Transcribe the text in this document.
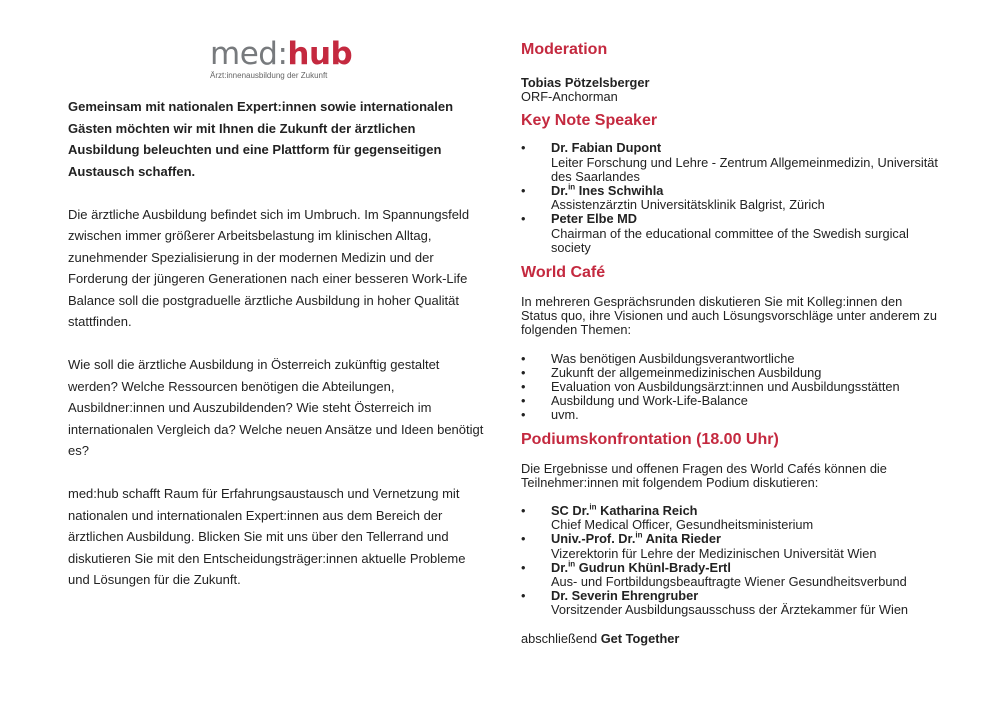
med:hub
Ärzt:innenausbildung der Zukunft

Gemeinsam mit nationalen Expert:innen sowie internationalen Gästen möchten wir mit Ihnen die Zukunft der ärztlichen Ausbildung beleuchten und eine Plattform für gegenseitigen Austausch schaffen.

Die ärztliche Ausbildung befindet sich im Umbruch. Im Spannungsfeld zwischen immer größerer Arbeitsbelastung im klinischen Alltag, zunehmender Spezialisierung in der modernen Medizin und der Forderung der jüngeren Generationen nach einer besseren Work-Life Balance soll die postgraduelle ärztliche Ausbildung in hoher Qualität stattfinden.

Wie soll die ärztliche Ausbildung in Österreich zukünftig gestaltet werden? Welche Ressourcen benötigen die Abteilungen, Ausbildner:innen und Auszubildenden? Wie steht Österreich im internationalen Vergleich da? Welche neuen Ansätze und Ideen benötigt es?

med:hub schafft Raum für Erfahrungsaustausch und Vernetzung mit nationalen und internationalen Expert:innen aus dem Bereich der ärztlichen Ausbildung. Blicken Sie mit uns über den Tellerrand und diskutieren Sie mit den Entscheidungsträger:innen aktuelle Probleme und Lösungen für die Zukunft.

Moderation
Tobias Pötzelsberger
ORF-Anchorman
Key Note Speaker
• Dr. Fabian Dupont
Leiter Forschung und Lehre - Zentrum Allgemeinmedizin, Universität des Saarlandes
• Dr.$^{in}$ Ines Schwihla
Assistenzärztin Universitätsklinik Balgrist, Zürich
• Peter Elbe MD
Chairman of the educational committee of the Swedish surgical society
World Café
In mehreren Gesprächsrunden diskutieren Sie mit Kolleg:innen den Status quo, ihre Visionen und auch Lösungsvorschläge unter anderem zu folgenden Themen:
• Was benötigen Ausbildungsverantwortliche
• Zukunft der allgemeinmedizinischen Ausbildung
• Evaluation von Ausbildungsärzt:innen und Ausbildungsstätten
• Ausbildung und Work-Life-Balance
• uvm.
Podiumskonfrontation (18.00 Uhr)
Die Ergebnisse und offenen Fragen des World Cafés können die Teilnehmer:innen mit folgendem Podium diskutieren:
• SC Dr.$^{in}$ Katharina Reich
Chief Medical Officer, Gesundheitsministerium
• Univ.-Prof. Dr.$^{in}$ Anita Rieder
Vizerektorin für Lehre der Medizinischen Universität Wien
• Dr.$^{in}$ Gudrun Khünl-Brady-Ertl
Aus- und Fortbildungsbeauftragte Wiener Gesundheitsverbund
• Dr. Severin Ehrengruber
Vorsitzender Ausbildungsausschuss der Ärztekammer für Wien
abschließend Get Together
